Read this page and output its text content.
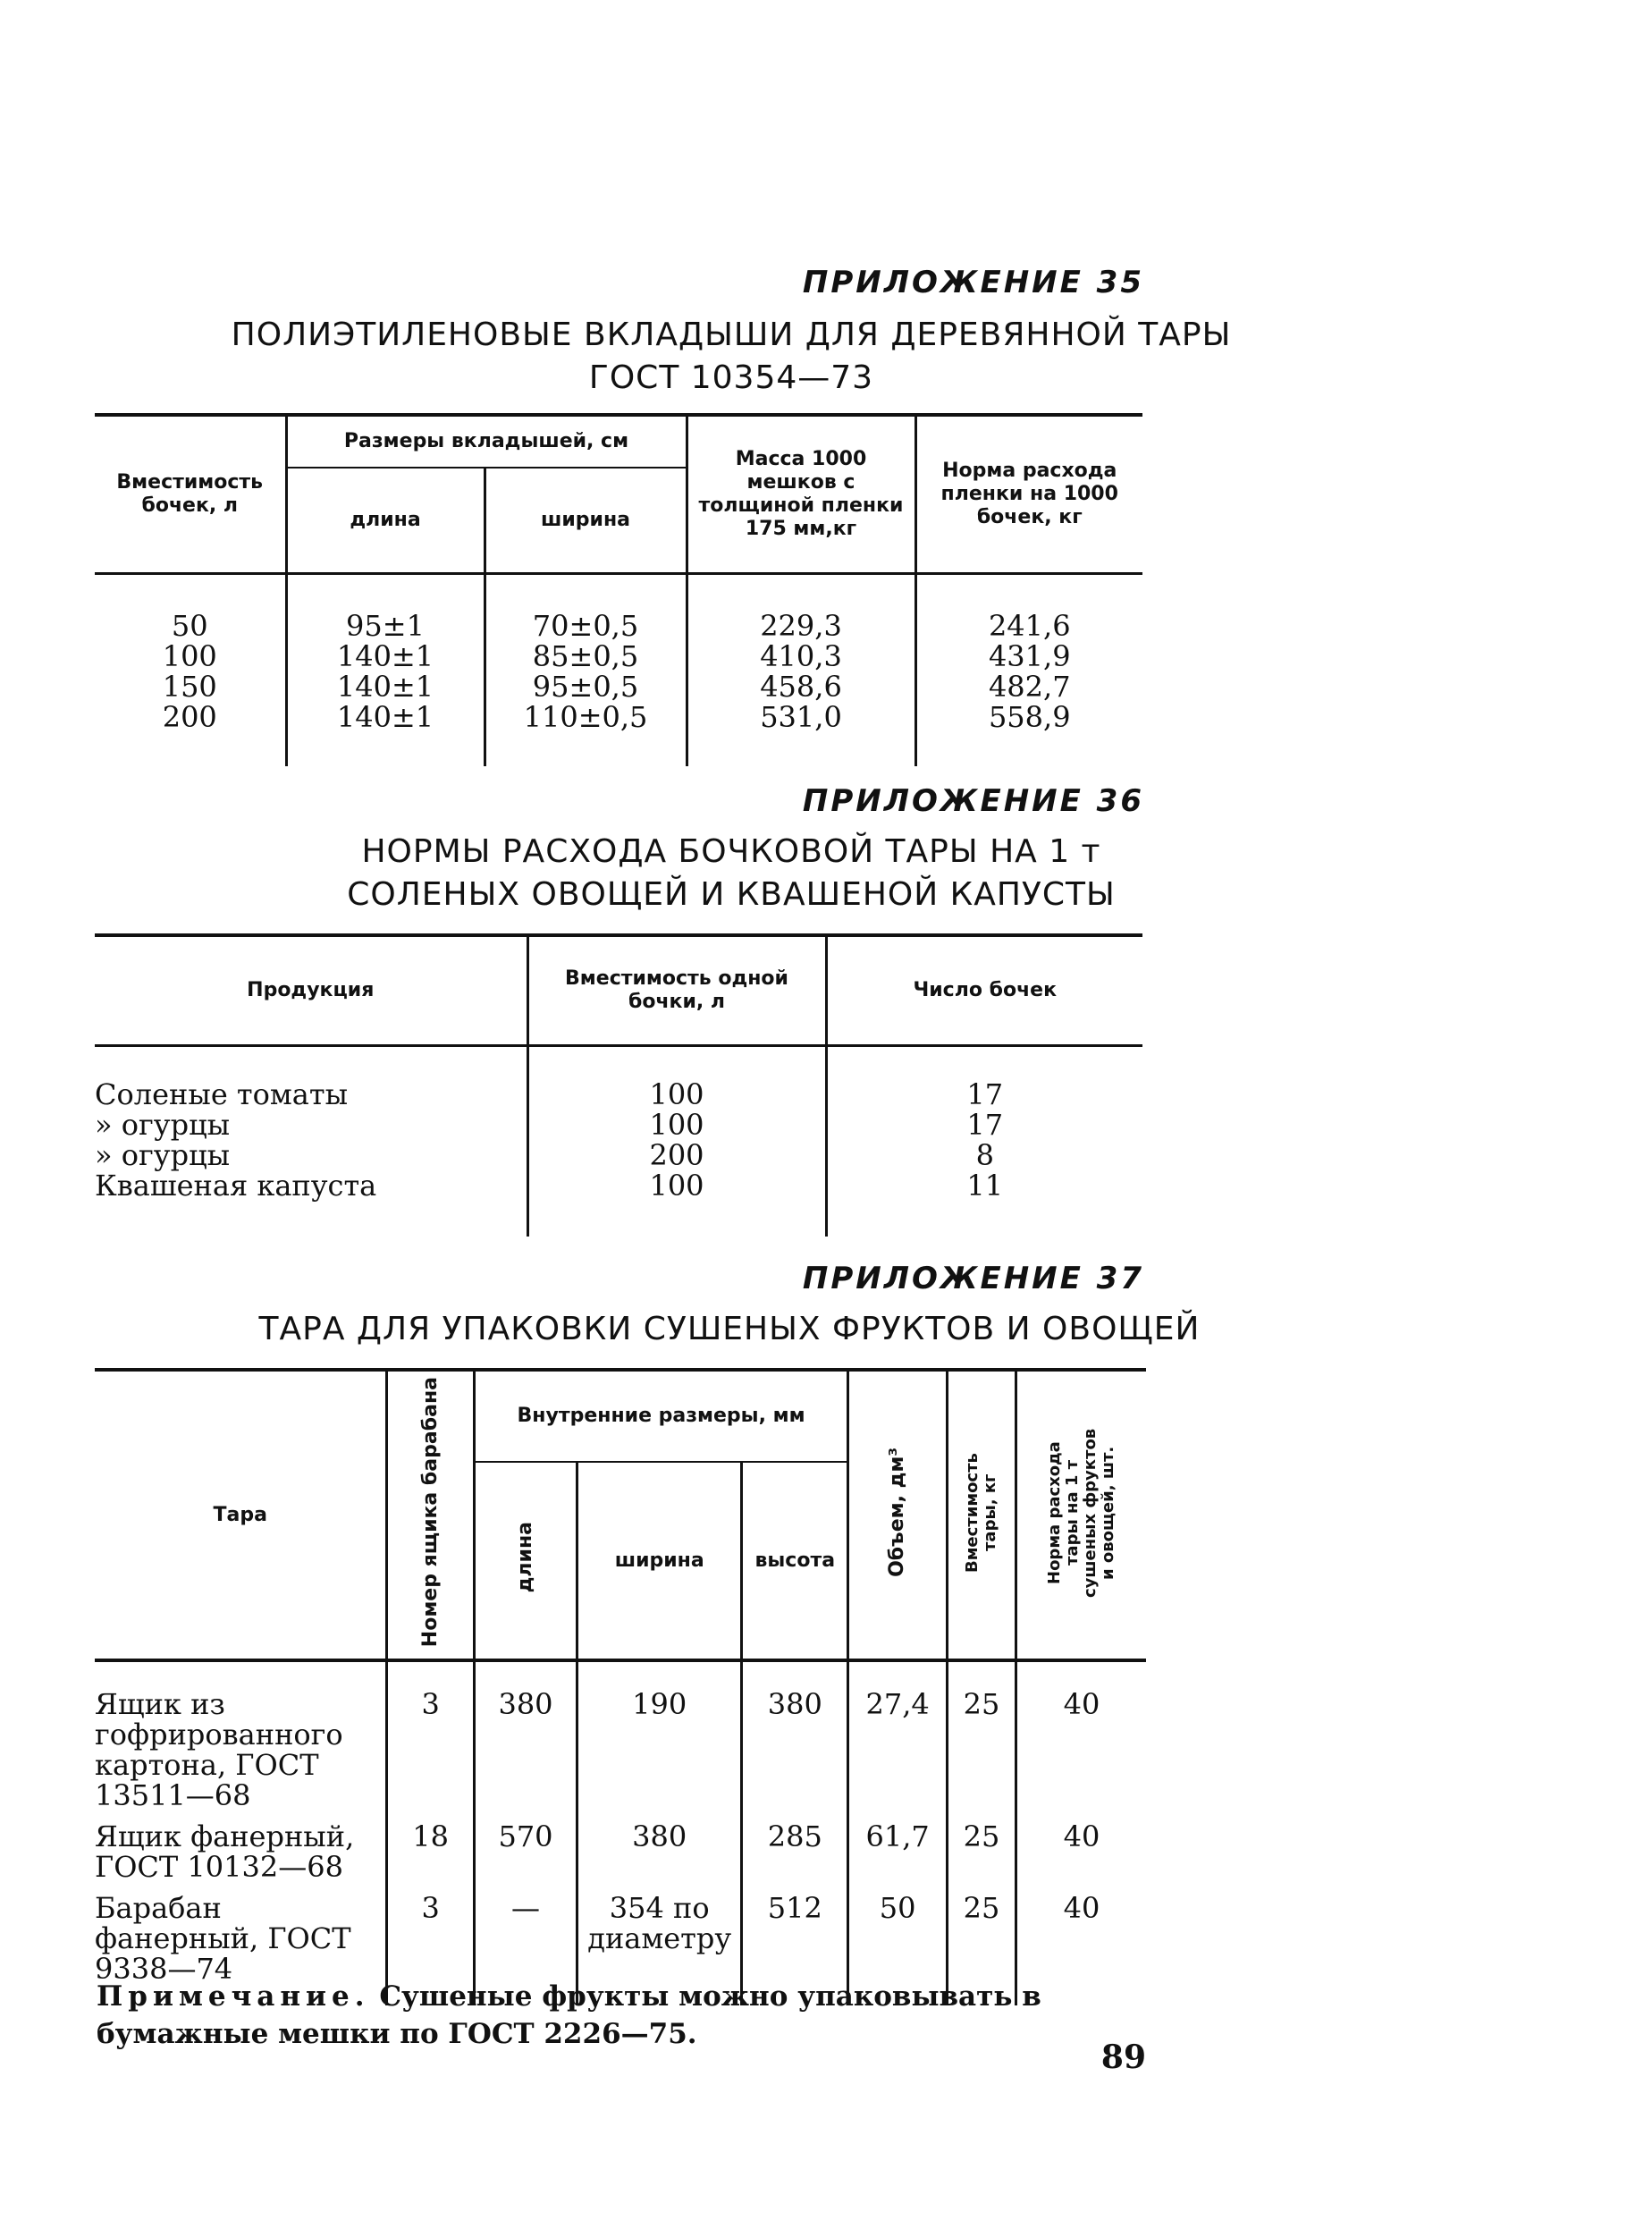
ПРИЛОЖЕНИЕ 35
ПОЛИЭТИЛЕНОВЫЕ ВКЛАДЫШИ ДЛЯ ДЕРЕВЯННОЙ ТАРЫ
ГОСТ 10354—73
Вместимость бочек, л	Размеры вкладышей, см		Масса 1000 мешков с толщиной пленки 175 мм,кг	Норма расхода пленки на 1000 бочек, кг
	длина	ширина		
50	95±1	70±0,5	229,3	241,6
100	140±1	85±0,5	410,3	431,9
150	140±1	95±0,5	458,6	482,7
200	140±1	110±0,5	531,0	558,9
ПРИЛОЖЕНИЕ 36
НОРМЫ РАСХОДА БОЧКОВОЙ ТАРЫ НА 1 т
СОЛЕНЫХ ОВОЩЕЙ И КВАШЕНОЙ КАПУСТЫ
Продукция	Вместимость одной бочки, л	Число бочек
Соленые томаты	100	17
» огурцы	100	17
» огурцы	200	8
Квашеная капуста	100	11
ПРИЛОЖЕНИЕ 37
ТАРА ДЛЯ УПАКОВКИ СУШЕНЫХ ФРУКТОВ И ОВОЩЕЙ
Тара	Номер ящика барабана	Внутренние размеры, мм			Объем, дм³	Вместимость тары, кг	Норма расхода тары на 1 т сушеных фруктов и овощей, шт.
		длина	ширина	высота			
Ящик из гофрированного картона, ГОСТ 13511—68	3	380	190	380	27,4	25	40
Ящик фанерный, ГОСТ 10132—68	18	570	380	285	61,7	25	40
Барабан фанерный, ГОСТ 9338—74	3	—	354 по диаметру	512	50	25	40
Примечание. Сушеные фрукты можно упаковывать в бумажные мешки по ГОСТ 2226—75.
89
